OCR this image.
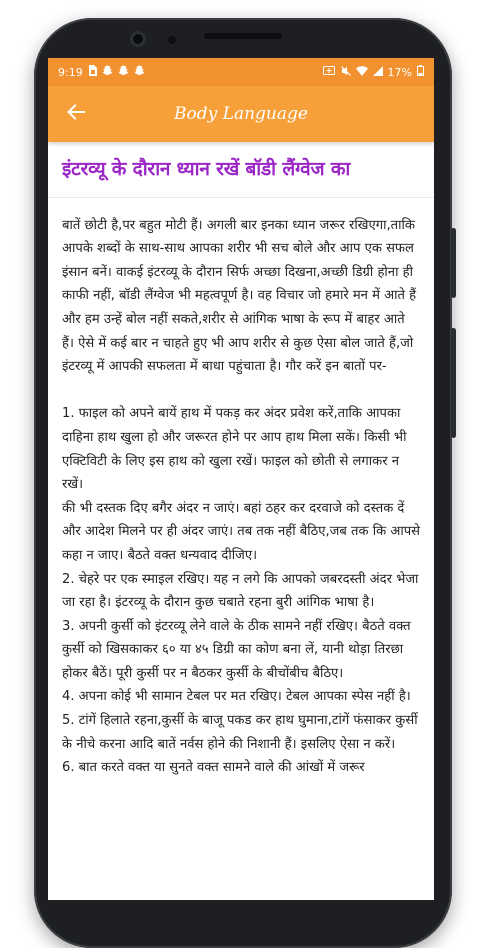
9:19	17%
Body Language
इंटरव्यू के दौरान ध्यान रखें बॉडी लैंग्वेज का

बातें छोटी है,पर बहुत मोटी हैं। अगली बार इनका ध्यान जरूर रखिएगा,ताकि आपके शब्दों के साथ-साथ आपका शरीर भी सच बोले और आप एक सफल इंसान बनें। वाकई इंटरव्यू के दौरान सिर्फ अच्छा दिखना,अच्छी डिग्री होना ही काफी नहीं, बॉडी लैंग्वेज भी महत्वपूर्ण है। वह विचार जो हमारे मन में आते हैं और हम उन्हें बोल नहीं सकते,शरीर से आंगिक भाषा के रूप में बाहर आते हैं। ऐसे में कई बार न चाहते हुए भी आप शरीर से कुछ ऐसा बोल जाते हैं,जो इंटरव्यू में आपकी सफलता में बाधा पहुंचाता है। गौर करें इन बातों पर-

1. फाइल को अपने बायें हाथ में पकड़ कर अंदर प्रवेश करें,ताकि आपका दाहिना हाथ खुला हो और जरूरत होने पर आप हाथ मिला सकें। किसी भी एक्टिविटी के लिए इस हाथ को खुला रखें। फाइल को छोती से लगाकर न रखें।
की भी दस्तक दिए बगैर अंदर न जाएं। बहां ठहर कर दरवाजे को दस्तक दें और आदेश मिलने पर ही अंदर जाएं। तब तक नहीं बैठिए,जब तक कि आपसे कहा न जाए। बैठते वक्त धन्यवाद दीजिए।
2. चेहरे पर एक स्माइल रखिए। यह न लगे कि आपको जबरदस्ती अंदर भेजा जा रहा है। इंटरव्यू के दौरान कुछ चबाते रहना बुरी आंगिक भाषा है।
3. अपनी कुर्सी को इंटरव्यू लेने वाले के ठीक सामने नहीं रखिए। बैठते वक्त कुर्सी को खिसकाकर ६० या ४५ डिग्री का कोण बना लें, यानी थोड़ा तिरछा होकर बैठें। पूरी कुर्सी पर न बैठकर कुर्सी के बीचोंबीच बैठिए।
4. अपना कोई भी सामान टेबल पर मत रखिए। टेबल आपका स्पेस नहीं है।
5. टांगें हिलाते रहना,कुर्सी के बाजू पकड कर हाथ घुमाना,टांगें फंसाकर कुर्सी के नीचे करना आदि बातें नर्वस होने की निशानी हैं। इसलिए ऐसा न करें।
6. बात करते वक्त या सुनते वक्त सामने वाले की आंखों में जरूर
